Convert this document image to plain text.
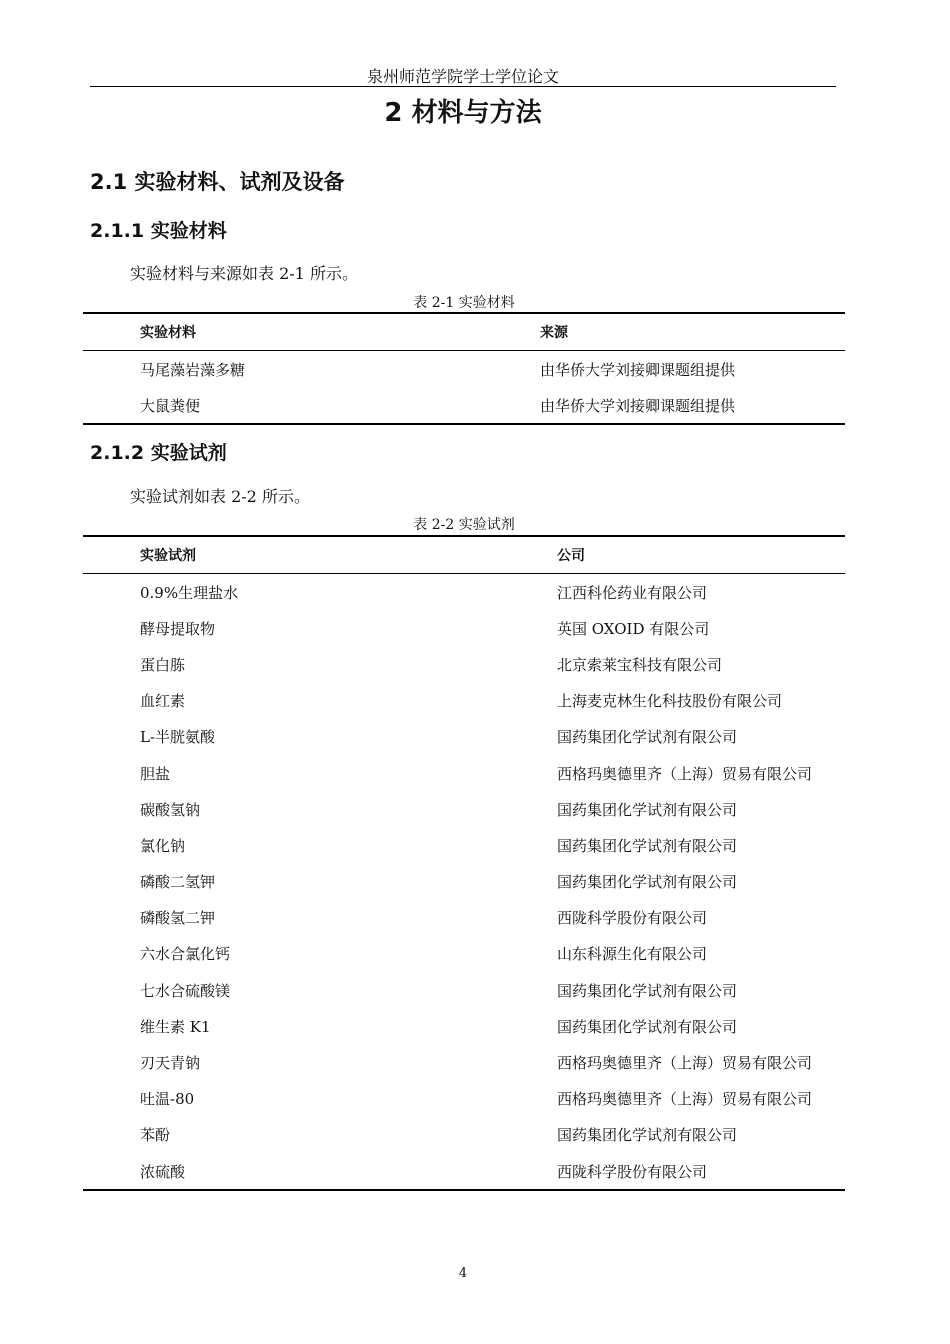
泉州师范学院学士学位论文
2 材料与方法
2.1 实验材料、试剂及设备
2.1.1 实验材料
实验材料与来源如表 2-1 所示。
表 2-1 实验材料
实验材料	来源
马尾藻岩藻多糖	由华侨大学刘接卿课题组提供
大鼠粪便	由华侨大学刘接卿课题组提供
2.1.2 实验试剂
实验试剂如表 2-2 所示。
表 2-2 实验试剂
实验试剂	公司
0.9%生理盐水	江西科伦药业有限公司
酵母提取物	英国 OXOID 有限公司
蛋白胨	北京索莱宝科技有限公司
血红素	上海麦克林生化科技股份有限公司
L-半胱氨酸	国药集团化学试剂有限公司
胆盐	西格玛奥德里齐（上海）贸易有限公司
碳酸氢钠	国药集团化学试剂有限公司
氯化钠	国药集团化学试剂有限公司
磷酸二氢钾	国药集团化学试剂有限公司
磷酸氢二钾	西陇科学股份有限公司
六水合氯化钙	山东科源生化有限公司
七水合硫酸镁	国药集团化学试剂有限公司
维生素 K1	国药集团化学试剂有限公司
刃天青钠	西格玛奥德里齐（上海）贸易有限公司
吐温-80	西格玛奥德里齐（上海）贸易有限公司
苯酚	国药集团化学试剂有限公司
浓硫酸	西陇科学股份有限公司
4
